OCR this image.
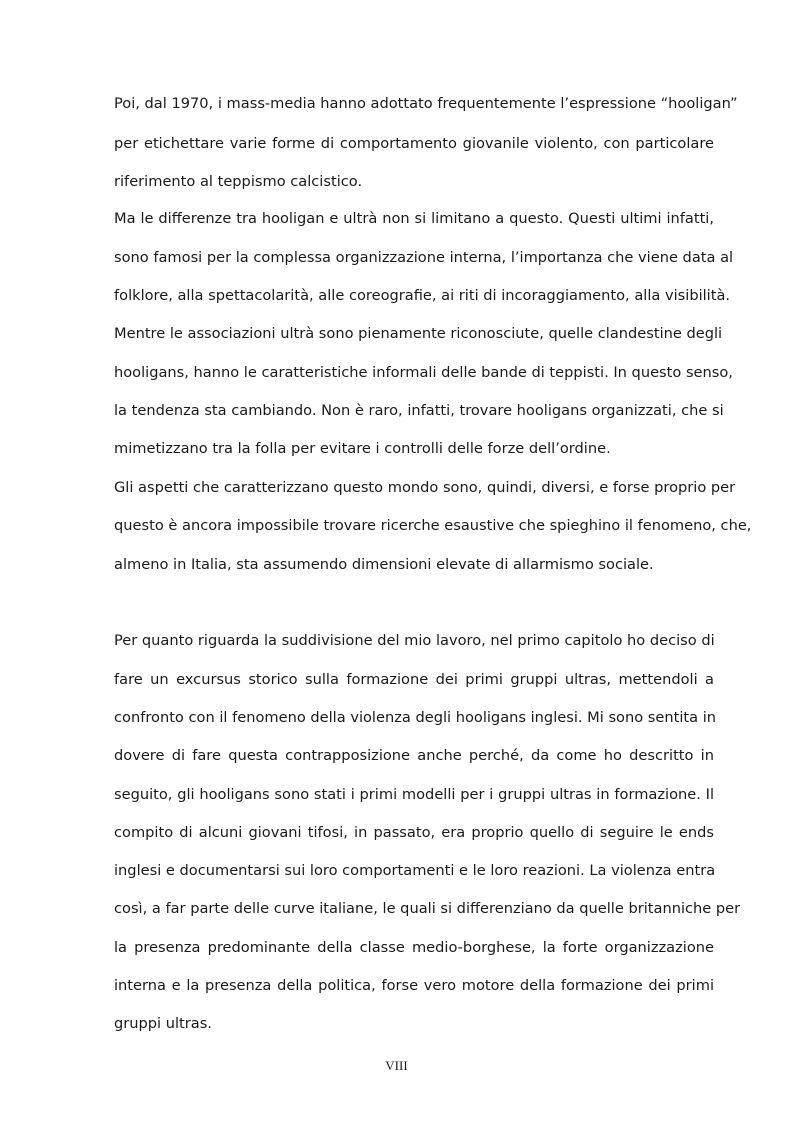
Poi, dal 1970, i mass-media hanno adottato frequentemente l’espressione “hooligan”

per etichettare varie forme di comportamento giovanile violento, con particolare

riferimento al teppismo calcistico.

Ma le differenze tra hooligan e ultrà non si limitano a questo. Questi ultimi infatti,

sono famosi per la complessa organizzazione interna, l’importanza che viene data al

folklore, alla spettacolarità, alle coreografie, ai riti di incoraggiamento, alla visibilità.

Mentre le associazioni ultrà sono pienamente riconosciute, quelle clandestine degli

hooligans, hanno le caratteristiche informali delle bande di teppisti. In questo senso,

la tendenza sta cambiando. Non è raro, infatti, trovare hooligans organizzati, che si

mimetizzano tra la folla per evitare i controlli delle forze dell’ordine.

Gli aspetti che caratterizzano questo mondo sono, quindi, diversi, e forse proprio per

questo è ancora impossibile trovare ricerche esaustive che spieghino il fenomeno, che,

almeno in Italia, sta assumendo dimensioni elevate di allarmismo sociale.

Per quanto riguarda la suddivisione del mio lavoro, nel primo capitolo ho deciso di

fare un excursus storico sulla formazione dei primi gruppi ultras, mettendoli a

confronto con il fenomeno della violenza degli hooligans inglesi. Mi sono sentita in

dovere di fare questa contrapposizione anche perché, da come ho descritto in

seguito, gli hooligans sono stati i primi modelli per i gruppi ultras in formazione. Il

compito di alcuni giovani tifosi, in passato, era proprio quello di seguire le ends

inglesi e documentarsi sui loro comportamenti e le loro reazioni. La violenza entra

così, a far parte delle curve italiane, le quali si differenziano da quelle britanniche per

la presenza predominante della classe medio-borghese, la forte organizzazione

interna e la presenza della politica, forse vero motore della formazione dei primi

gruppi ultras.

VIII
